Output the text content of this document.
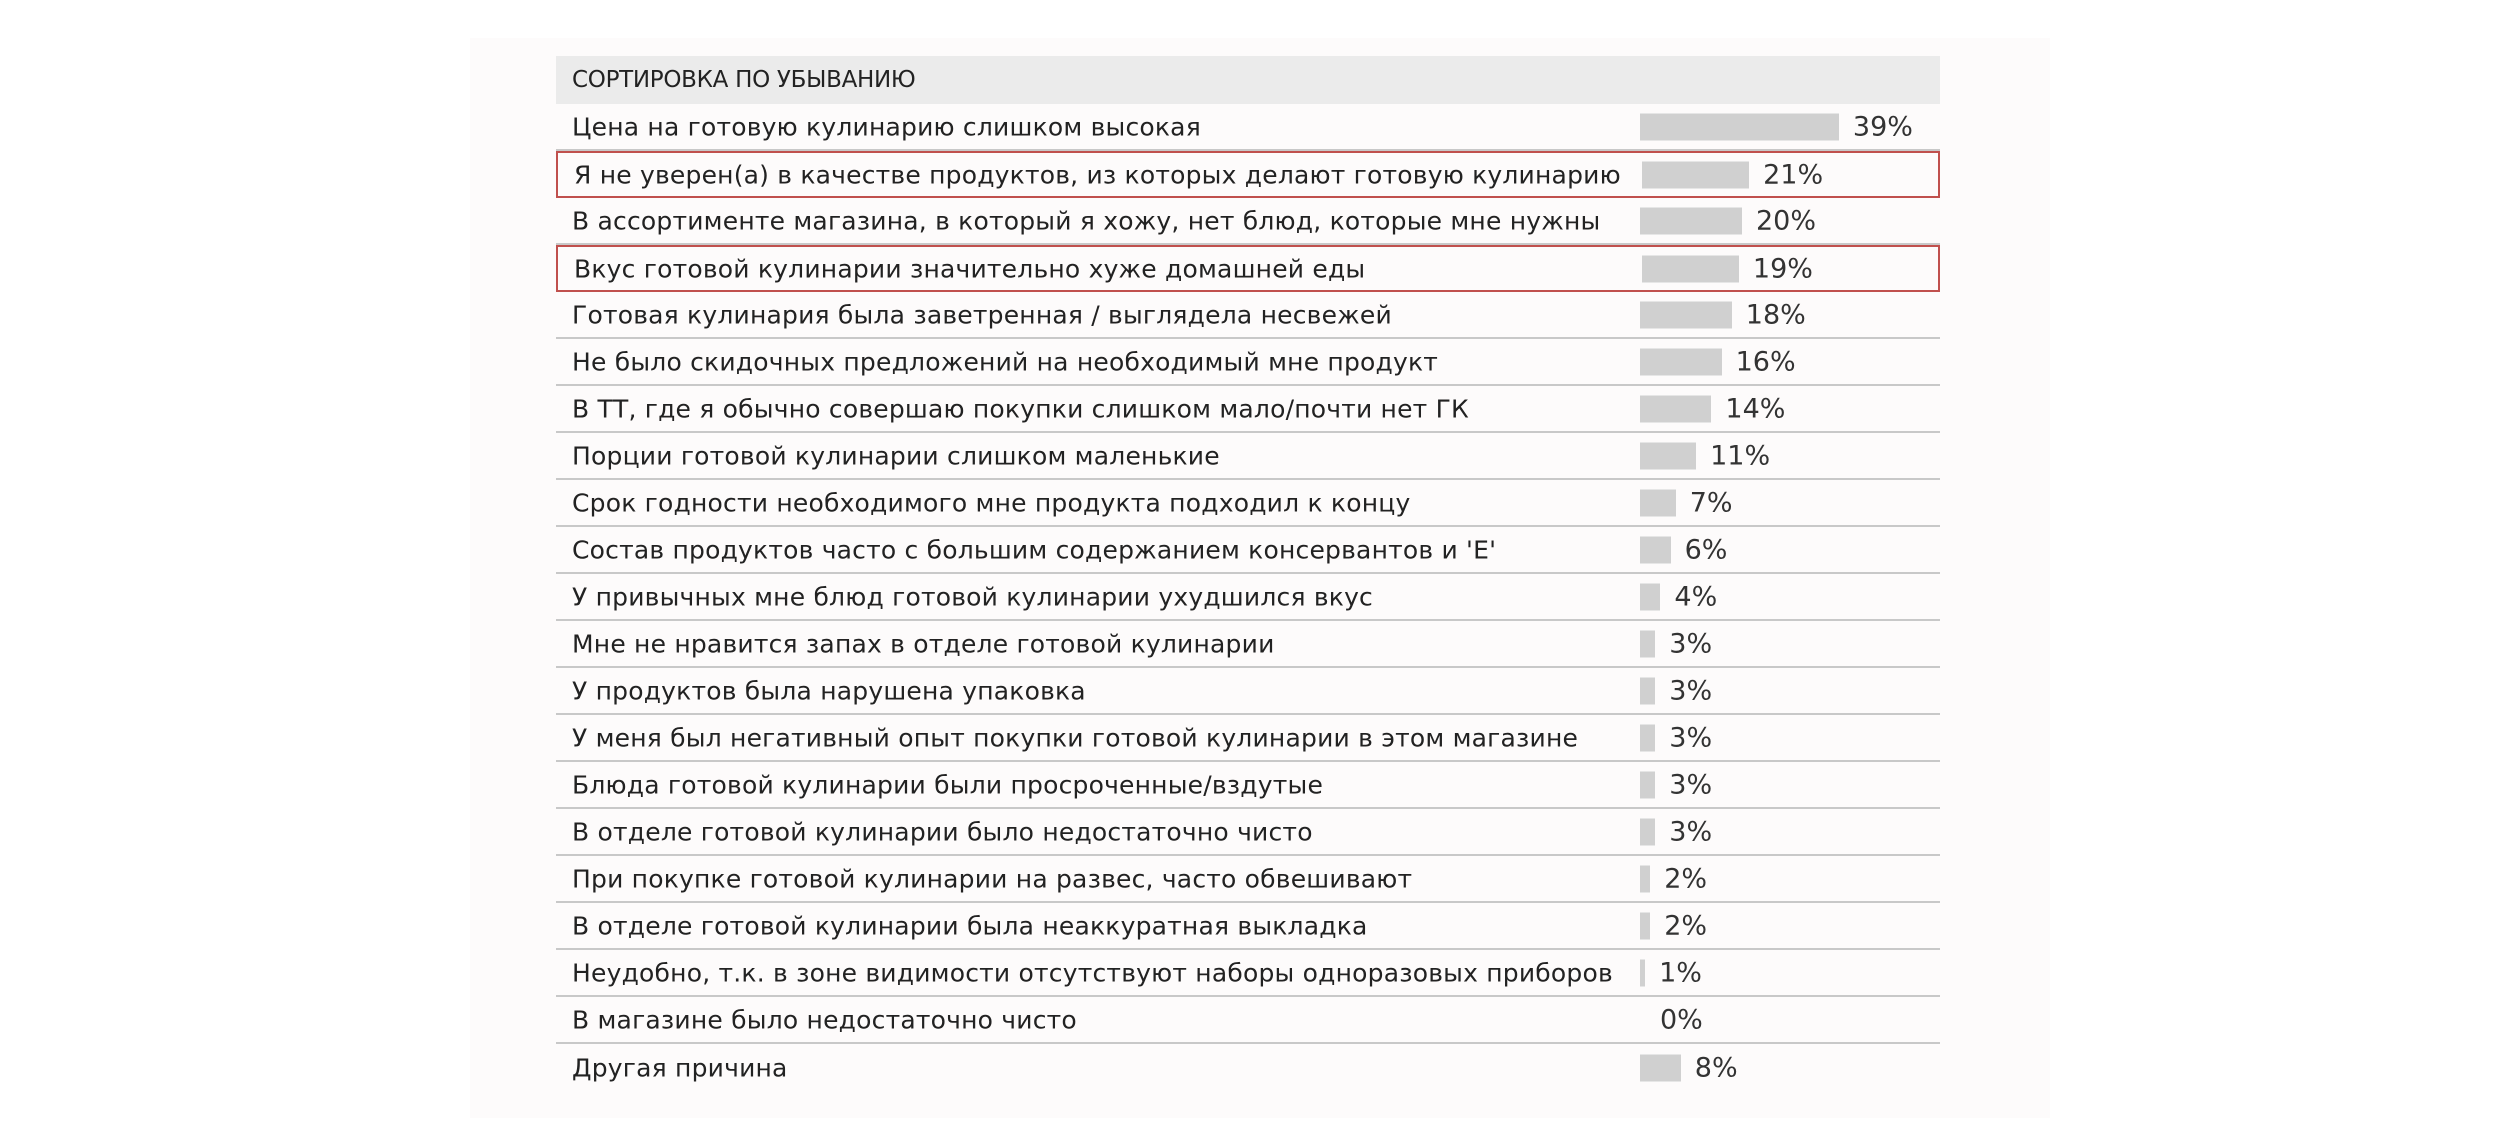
СОРТИРОВКА ПО УБЫВАНИЮ
Цена на готовую кулинарию слишком высокая	39%
Я не уверен(а) в качестве продуктов, из которых делают готовую кулинарию	21%
В ассортименте магазина, в который я хожу, нет блюд, которые мне нужны	20%
Вкус готовой кулинарии значительно хуже домашней еды	19%
Готовая кулинария была заветренная / выглядела несвежей	18%
Не было скидочных предложений на необходимый мне продукт	16%
В ТТ, где я обычно совершаю покупки слишком мало/почти нет ГК	14%
Порции готовой кулинарии слишком маленькие	11%
Срок годности необходимого мне продукта подходил к концу	7%
Состав продуктов часто с большим содержанием консервантов и 'Е'	6%
У привычных мне блюд готовой кулинарии ухудшился вкус	4%
Мне не нравится запах в отделе готовой кулинарии	3%
У продуктов была нарушена упаковка	3%
У меня был негативный опыт покупки готовой кулинарии в этом магазине	3%
Блюда готовой кулинарии были просроченные/вздутые	3%
В отделе готовой кулинарии было недостаточно чисто	3%
При покупке готовой кулинарии на развес, часто обвешивают	2%
В отделе готовой кулинарии была неаккуратная выкладка	2%
Неудобно, т.к. в зоне видимости отсутствуют наборы одноразовых приборов 1%
В магазине было недостаточно чисто	0%
Другая причина	8%
